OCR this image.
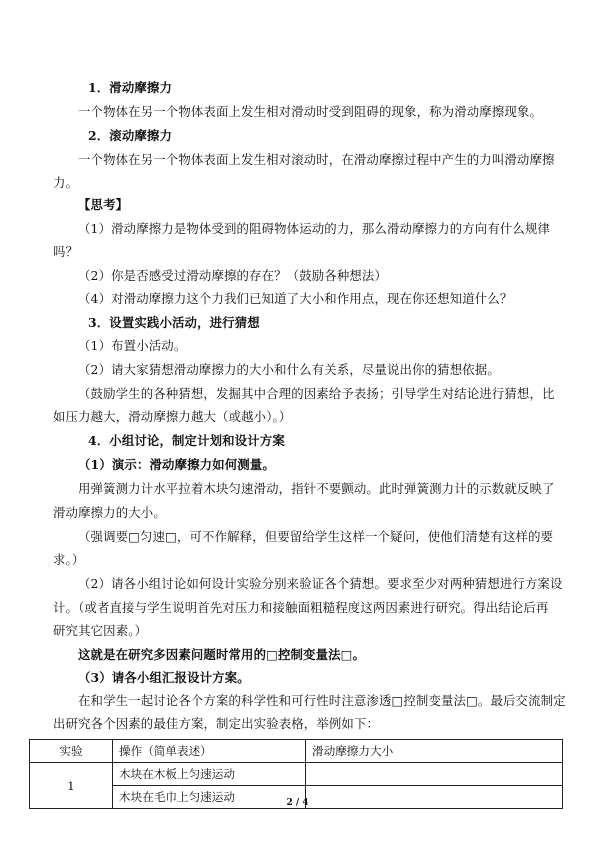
1．滑动摩擦力
一个物体在另一个物体表面上发生相对滑动时受到阻碍的现象，称为滑动摩擦现象。
2．滚动摩擦力
一个物体在另一个物体表面上发生相对滚动时，在滑动摩擦过程中产生的力叫滑动摩擦
力。
【思考】
（1）滑动摩擦力是物体受到的阻碍物体运动的力，那么滑动摩擦力的方向有什么规律
吗？
（2）你是否感受过滑动摩擦的存在？（鼓励各种想法）
（4）对滑动摩擦力这个力我们已知道了大小和作用点，现在你还想知道什么？
3．设置实践小活动，进行猜想
（1）布置小活动。
（2）请大家猜想滑动摩擦力的大小和什么有关系，尽量说出你的猜想依据。
（鼓励学生的各种猜想，发掘其中合理的因素给予表扬；引导学生对结论进行猜想，比
如压力越大，滑动摩擦力越大（或越小）。）
4．小组讨论，制定计划和设计方案
（1）演示：滑动摩擦力如何测量。
用弹簧测力计水平拉着木块匀速滑动，指针不要颤动。此时弹簧测力计的示数就反映了
滑动摩擦力的大小。
（强调要□匀速□，可不作解释，但要留给学生这样一个疑问，使他们清楚有这样的要
求。）
（2）请各小组讨论如何设计实验分别来验证各个猜想。要求至少对两种猜想进行方案设
计。（或者直接与学生说明首先对压力和接触面粗糙程度这两因素进行研究。得出结论后再
研究其它因素。）
这就是在研究多因素问题时常用的□控制变量法□。
（3）请各小组汇报设计方案。
在和学生一起讨论各个方案的科学性和可行性时注意渗透□控制变量法□。最后交流制定
出研究各个因素的最佳方案，制定出实验表格，举例如下：
实验	操作（简单表述）	滑动摩擦力大小
1	木块在木板上匀速运动	
	木块在毛巾上匀速运动		2 / 4
